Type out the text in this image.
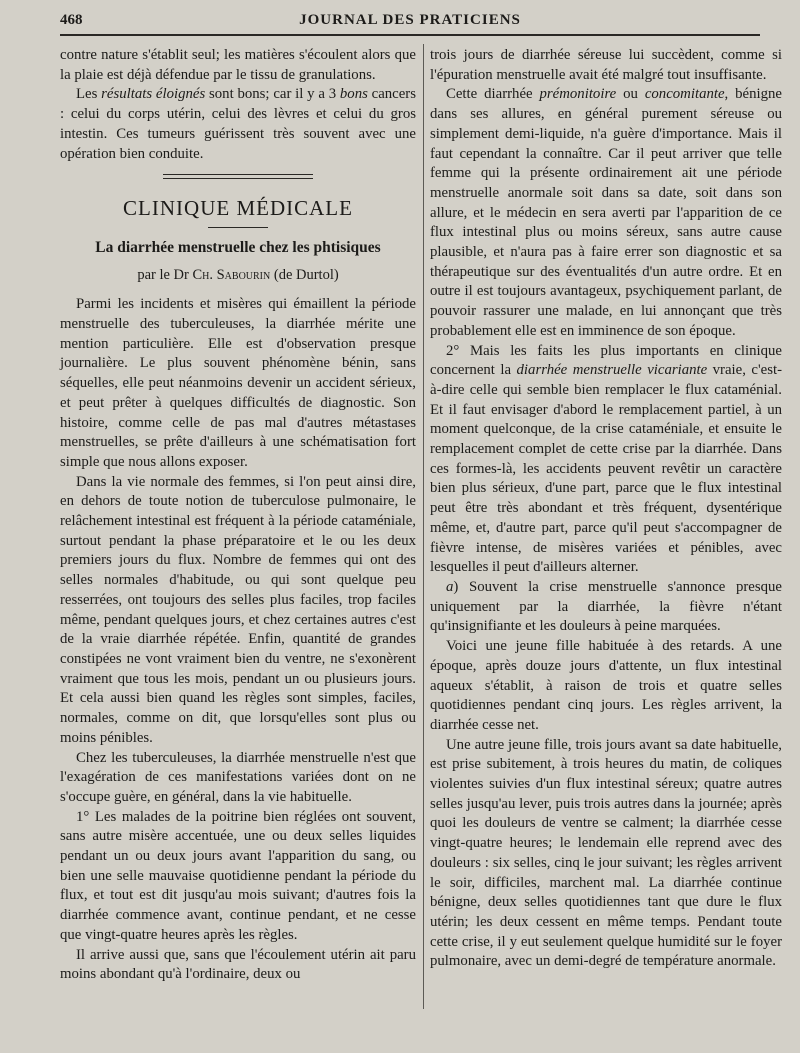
468	JOURNAL DES PRATICIENS

contre nature s'établit seul; les matières s'écoulent alors que la plaie est déjà défendue par le tissu de granulations.

Les résultats éloignés sont bons; car il y a 3 bons cancers : celui du corps utérin, celui des lèvres et celui du gros intestin. Ces tumeurs guérissent très souvent avec une opération bien conduite.

CLINIQUE MÉDICALE

La diarrhée menstruelle chez les phtisiques

par le Dr Ch. Sabourin (de Durtol)

Parmi les incidents et misères qui émaillent la période menstruelle des tuberculeuses, la diarrhée mérite une mention particulière. Elle est d'observation presque journalière. Le plus souvent phénomène bénin, sans séquelles, elle peut néanmoins devenir un accident sérieux, et peut prêter à quelques difficultés de diagnostic. Son histoire, comme celle de pas mal d'autres métastases menstruelles, se prête d'ailleurs à une schématisation fort simple que nous allons exposer.

Dans la vie normale des femmes, si l'on peut ainsi dire, en dehors de toute notion de tuberculose pulmonaire, le relâchement intestinal est fréquent à la période cataméniale, surtout pendant la phase préparatoire et le ou les deux premiers jours du flux. Nombre de femmes qui ont des selles normales d'habitude, ou qui sont quelque peu resserrées, ont toujours des selles plus faciles, trop faciles même, pendant quelques jours, et chez certaines autres c'est de la vraie diarrhée répétée. Enfin, quantité de grandes constipées ne vont vraiment bien du ventre, ne s'exonèrent vraiment que tous les mois, pendant un ou plusieurs jours. Et cela aussi bien quand les règles sont simples, faciles, normales, comme on dit, que lorsqu'elles sont plus ou moins pénibles.

Chez les tuberculeuses, la diarrhée menstruelle n'est que l'exagération de ces manifestations variées dont on ne s'occupe guère, en général, dans la vie habituelle.

1° Les malades de la poitrine bien réglées ont souvent, sans autre misère accentuée, une ou deux selles liquides pendant un ou deux jours avant l'apparition du sang, ou bien une selle mauvaise quotidienne pendant la période du flux, et tout est dit jusqu'au mois suivant; d'autres fois la diarrhée commence avant, continue pendant, et ne cesse que vingt-quatre heures après les règles.

Il arrive aussi que, sans que l'écoulement utérin ait paru moins abondant qu'à l'ordinaire, deux ou

trois jours de diarrhée séreuse lui succèdent, comme si l'épuration menstruelle avait été malgré tout insuffisante.

Cette diarrhée prémonitoire ou concomitante, bénigne dans ses allures, en général purement séreuse ou simplement demi-liquide, n'a guère d'importance. Mais il faut cependant la connaître. Car il peut arriver que telle femme qui la présente ordinairement ait une période menstruelle anormale soit dans sa date, soit dans son allure, et le médecin en sera averti par l'apparition de ce flux intestinal plus ou moins séreux, sans autre cause plausible, et n'aura pas à faire errer son diagnostic et sa thérapeutique sur des éventualités d'un autre ordre. Et en outre il est toujours avantageux, psychiquement parlant, de pouvoir rassurer une malade, en lui annonçant que très probablement elle est en imminence de son époque.

2° Mais les faits les plus importants en clinique concernent la diarrhée menstruelle vicariante vraie, c'est-à-dire celle qui semble bien remplacer le flux cataménial. Et il faut envisager d'abord le remplacement partiel, à un moment quelconque, de la crise cataméniale, et ensuite le remplacement complet de cette crise par la diarrhée. Dans ces formes-là, les accidents peuvent revêtir un caractère bien plus sérieux, d'une part, parce que le flux intestinal peut être très abondant et très fréquent, dysentérique même, et, d'autre part, parce qu'il peut s'accompagner de fièvre intense, de misères variées et pénibles, avec lesquelles il peut d'ailleurs alterner.

a) Souvent la crise menstruelle s'annonce presque uniquement par la diarrhée, la fièvre n'étant qu'insignifiante et les douleurs à peine marquées.

Voici une jeune fille habituée à des retards. A une époque, après douze jours d'attente, un flux intestinal aqueux s'établit, à raison de trois et quatre selles quotidiennes pendant cinq jours. Les règles arrivent, la diarrhée cesse net.

Une autre jeune fille, trois jours avant sa date habituelle, est prise subitement, à trois heures du matin, de coliques violentes suivies d'un flux intestinal séreux; quatre autres selles jusqu'au lever, puis trois autres dans la journée; après quoi les douleurs de ventre se calment; la diarrhée cesse vingt-quatre heures; le lendemain elle reprend avec des douleurs : six selles, cinq le jour suivant; les règles arrivent le soir, difficiles, marchent mal. La diarrhée continue bénigne, deux selles quotidiennes tant que dure le flux utérin; les deux cessent en même temps. Pendant toute cette crise, il y eut seulement quelque humidité sur le foyer pulmonaire, avec un demi-degré de température anormale.
